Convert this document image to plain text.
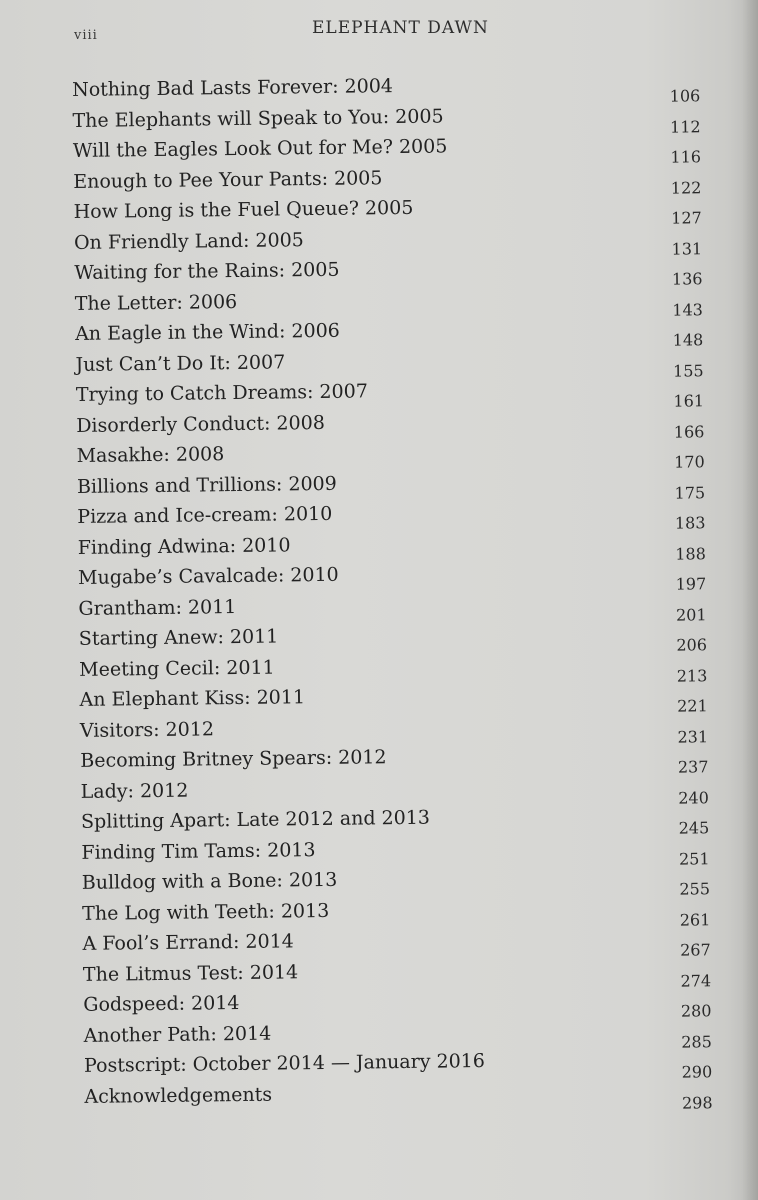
viii	ELEPHANT DAWN
Nothing Bad Lasts Forever: 2004	106
The Elephants will Speak to You: 2005	112
Will the Eagles Look Out for Me? 2005	116
Enough to Pee Your Pants: 2005	122
How Long is the Fuel Queue? 2005	127
On Friendly Land: 2005	131
Waiting for the Rains: 2005	136
The Letter: 2006	143
An Eagle in the Wind: 2006	148
Just Can’t Do It: 2007	155
Trying to Catch Dreams: 2007	161
Disorderly Conduct: 2008	166
Masakhe: 2008	170
Billions and Trillions: 2009	175
Pizza and Ice-cream: 2010	183
Finding Adwina: 2010	188
Mugabe’s Cavalcade: 2010	197
Grantham: 2011	201
Starting Anew: 2011	206
Meeting Cecil: 2011	213
An Elephant Kiss: 2011	221
Visitors: 2012	231
Becoming Britney Spears: 2012	237
Lady: 2012	240
Splitting Apart: Late 2012 and 2013	245
Finding Tim Tams: 2013	251
Bulldog with a Bone: 2013	255
The Log with Teeth: 2013	261
A Fool’s Errand: 2014	267
The Litmus Test: 2014	274
Godspeed: 2014	280
Another Path: 2014	285
Postscript: October 2014 — January 2016	290
Acknowledgements	298
